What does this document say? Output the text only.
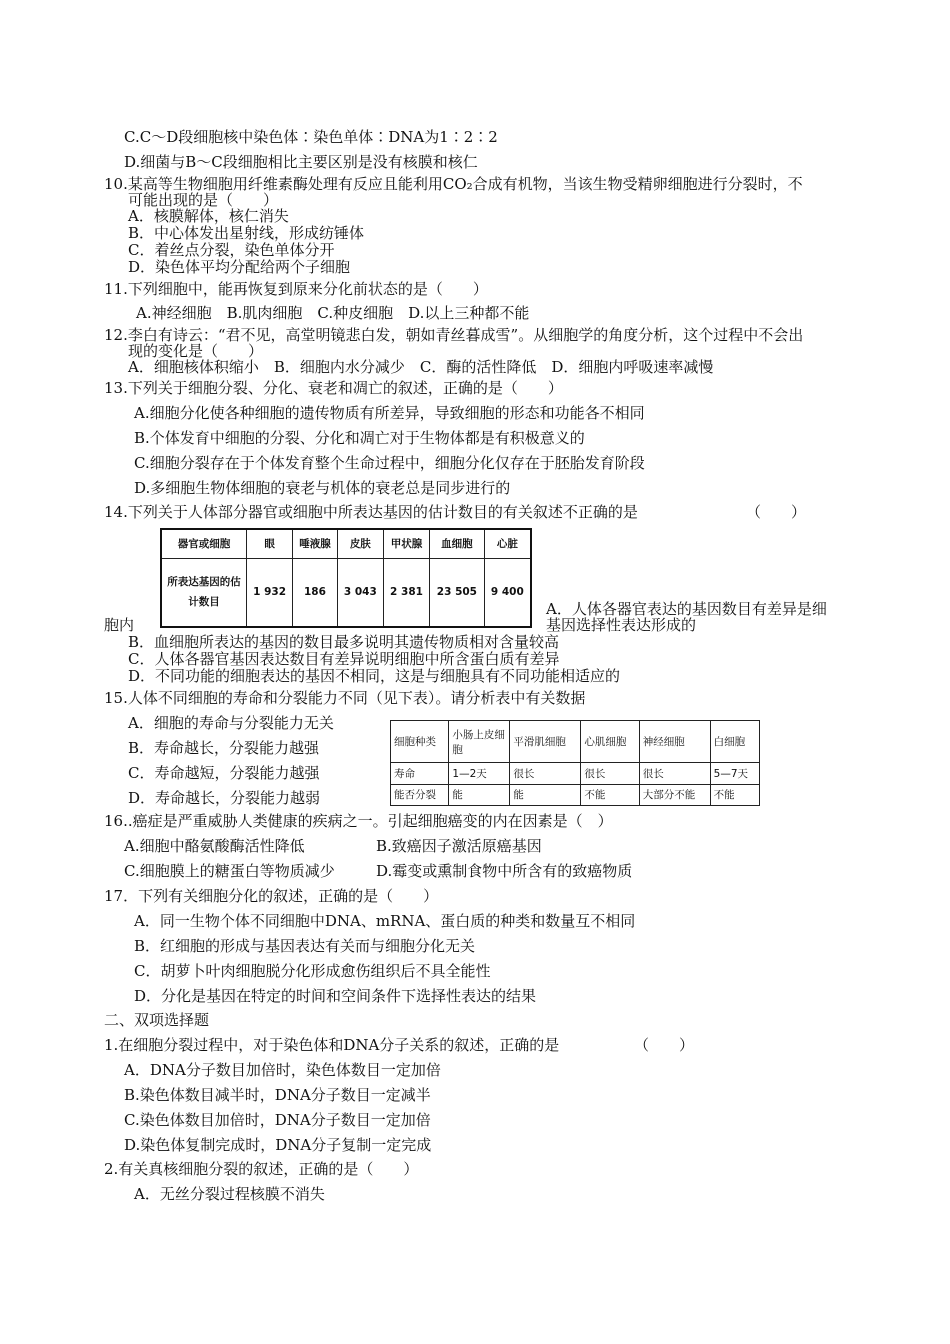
C.C～D段细胞核中染色体∶染色单体∶DNA为1∶2∶2
D.细菌与B～C段细胞相比主要区别是没有核膜和核仁
10.某高等生物细胞用纤维素酶处理有反应且能利用CO₂合成有机物，当该生物受精卵细胞进行分裂时，不
可能出现的是（　　）
A．核膜解体，核仁消失
B．中心体发出星射线，形成纺锤体
C．着丝点分裂，染色单体分开
D．染色体平均分配给两个子细胞
11.下列细胞中，能再恢复到原来分化前状态的是（　　）
A.神经细胞　B.肌肉细胞　C.种皮细胞　D.以上三种都不能
12.李白有诗云：“君不见，高堂明镜悲白发，朝如青丝暮成雪”。从细胞学的角度分析，这个过程中不会出
现的变化是（　　）
A．细胞核体积缩小　B．细胞内水分减少　C．酶的活性降低　D．细胞内呼吸速率减慢
13.下列关于细胞分裂、分化、衰老和凋亡的叙述，正确的是（　　）
A.细胞分化使各种细胞的遗传物质有所差异，导致细胞的形态和功能各不相同
B.个体发育中细胞的分裂、分化和凋亡对于生物体都是有积极意义的
C.细胞分裂存在于个体发育整个生命过程中，细胞分化仅存在于胚胎发育阶段
D.多细胞生物体细胞的衰老与机体的衰老总是同步进行的
14.下列关于人体部分器官或细胞中所表达基因的估计数目的有关叙述不正确的是	（　　）
器官或细胞	眼	唾液腺	皮肤	甲状腺	血细胞	心脏
所表达基因的估计数目	1 932	186	3 043	2 381	23 505	9 400
A．人体各器官表达的基因数目有差异是细
胞内	基因选择性表达形成的
B．血细胞所表达的基因的数目最多说明其遗传物质相对含量较高
C．人体各器官基因表达数目有差异说明细胞中所含蛋白质有差异
D．不同功能的细胞表达的基因不相同，这是与细胞具有不同功能相适应的
15.人体不同细胞的寿命和分裂能力不同（见下表）。请分析表中有关数据
A．细胞的寿命与分裂能力无关
B．寿命越长，分裂能力越强
C．寿命越短，分裂能力越强
D．寿命越长，分裂能力越弱
细胞种类	小肠上皮细胞	平滑肌细胞	心肌细胞	神经细胞	白细胞
寿命	1—2天	很长	很长	很长	5—7天
能否分裂	能	能	不能	大部分不能	不能
16..癌症是严重威胁人类健康的疾病之一。引起细胞癌变的内在因素是（　）
A.细胞中酪氨酸酶活性降低	B.致癌因子激活原癌基因
C.细胞膜上的糖蛋白等物质减少	D.霉变或熏制食物中所含有的致癌物质
17．下列有关细胞分化的叙述，正确的是（　　）
A．同一生物个体不同细胞中DNA、mRNA、蛋白质的种类和数量互不相同
B．红细胞的形成与基因表达有关而与细胞分化无关
C．胡萝卜叶肉细胞脱分化形成愈伤组织后不具全能性
D．分化是基因在特定的时间和空间条件下选择性表达的结果
二、双项选择题
1.在细胞分裂过程中，对于染色体和DNA分子关系的叙述，正确的是	（　　）
A．DNA分子数目加倍时，染色体数目一定加倍
B.染色体数目减半时，DNA分子数目一定减半
C.染色体数目加倍时，DNA分子数目一定加倍
D.染色体复制完成时，DNA分子复制一定完成
2.有关真核细胞分裂的叙述，正确的是（　　）
A．无丝分裂过程核膜不消失
